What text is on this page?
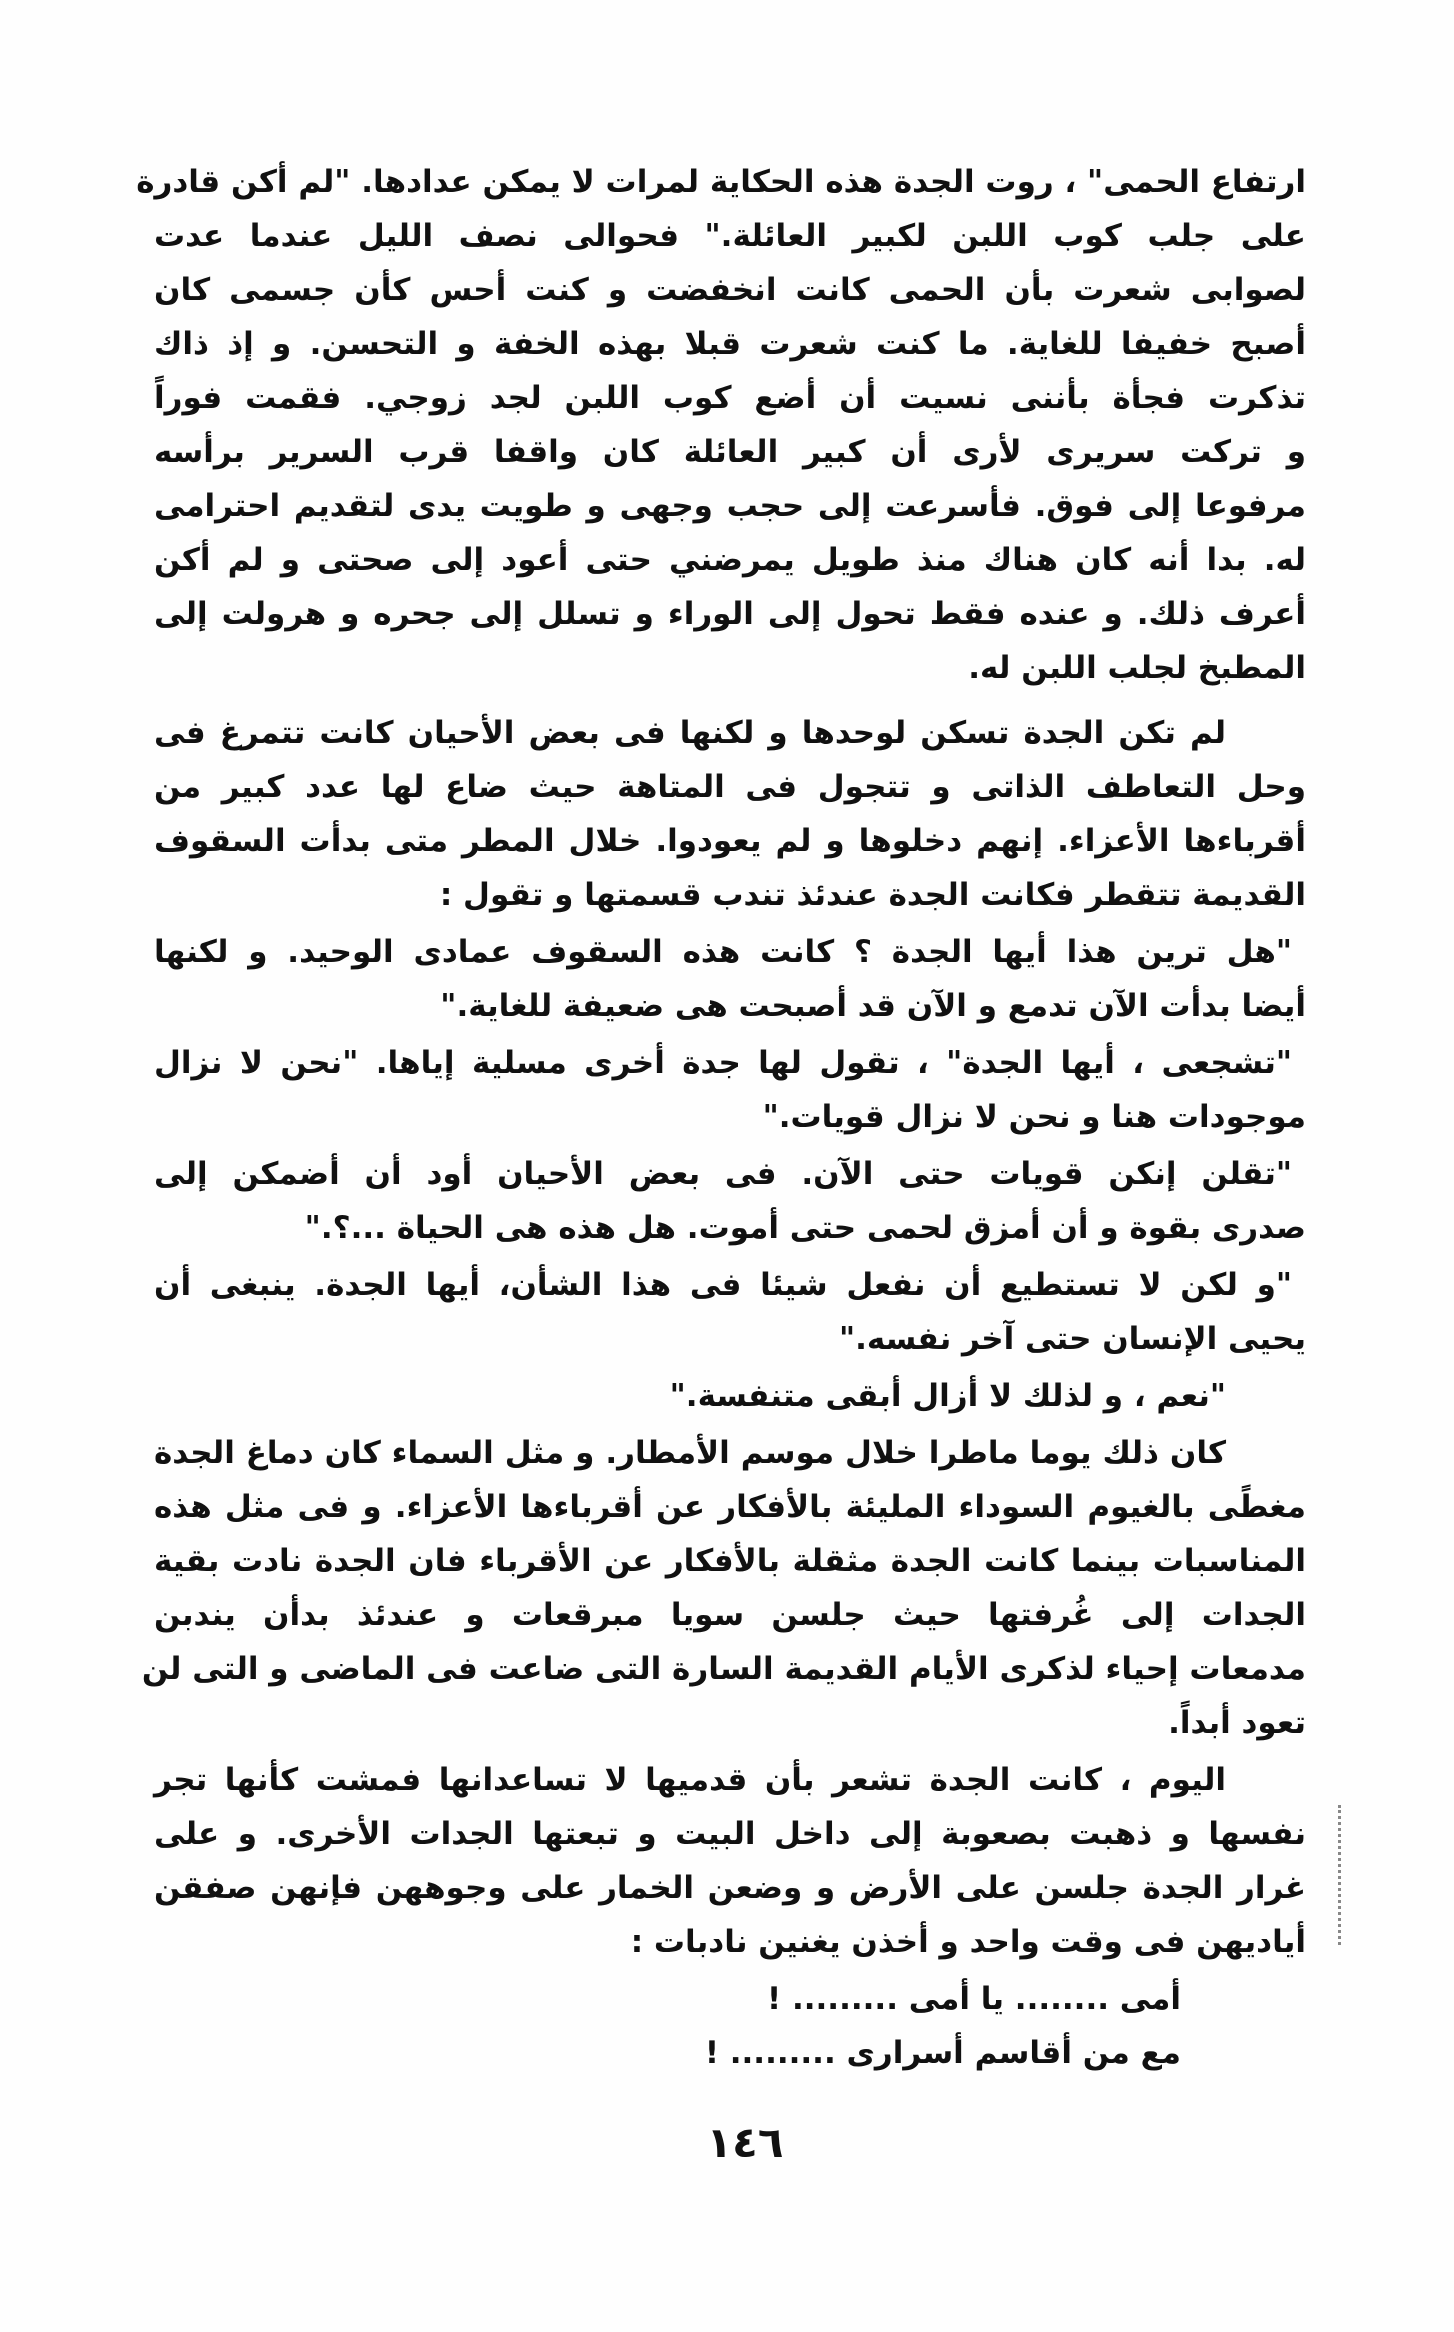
ارتفاع الحمى" ، روت الجدة هذه الحكاية لمرات لا يمكن عدادها. "لم أكن قادرة
على جلب كوب اللبن لكبير العائلة." فحوالى نصف الليل عندما عدت
لصوابى شعرت بأن الحمى كانت انخفضت و كنت أحس كأن جسمى كان
أصبح خفيفا للغاية. ما كنت شعرت قبلا بهذه الخفة و التحسن. و إذ ذاك
تذكرت فجأة بأننى نسيت أن أضع كوب اللبن لجد زوجي. فقمت فوراً
و تركت سريرى لأرى أن كبير العائلة كان واقفا قرب السرير برأسه
مرفوعا إلى فوق. فأسرعت إلى حجب وجهى و طويت يدى لتقديم احترامى
له. بدا أنه كان هناك منذ طويل يمرضني حتى أعود إلى صحتى و لم أكن
أعرف ذلك. و عنده فقط تحول إلى الوراء و تسلل إلى جحره و هرولت إلى
المطبخ لجلب اللبن له.
لم تكن الجدة تسكن لوحدها و لكنها فى بعض الأحيان كانت تتمرغ فى
وحل التعاطف الذاتى و تتجول فى المتاهة حيث ضاع لها عدد كبير من
أقرباءها الأعزاء. إنهم دخلوها و لم يعودوا. خلال المطر متى بدأت السقوف
القديمة تتقطر فكانت الجدة عندئذ تندب قسمتها و تقول :
"هل ترين هذا أيها الجدة ؟ كانت هذه السقوف عمادى الوحيد. و لكنها
أيضا بدأت الآن تدمع و الآن قد أصبحت هى ضعيفة للغاية."
"تشجعى ، أيها الجدة" ، تقول لها جدة أخرى مسلية إياها. "نحن لا نزال
موجودات هنا و نحن لا نزال قويات."
"تقلن إنكن قويات حتى الآن. فى بعض الأحيان أود أن أضمكن إلى
صدرى بقوة و أن أمزق لحمى حتى أموت. هل هذه هى الحياة ...؟."
"و لكن لا تستطيع أن نفعل شيئا فى هذا الشأن، أيها الجدة. ينبغى أن
يحيى الإنسان حتى آخر نفسه."
"نعم ، و لذلك لا أزال أبقى متنفسة."
كان ذلك يوما ماطرا خلال موسم الأمطار. و مثل السماء كان دماغ الجدة
مغطًى بالغيوم السوداء المليئة بالأفكار عن أقرباءها الأعزاء. و فى مثل هذه
المناسبات بينما كانت الجدة مثقلة بالأفكار عن الأقرباء فان الجدة نادت بقية
الجدات إلى غُرفتها حيث جلسن سويا مبرقعات و عندئذ بدأن يندبن
مدمعات إحياء لذكرى الأيام القديمة السارة التى ضاعت فى الماضى و التى لن
تعود أبداً.
اليوم ، كانت الجدة تشعر بأن قدميها لا تساعدانها فمشت كأنها تجر
نفسها و ذهبت بصعوبة إلى داخل البيت و تبعتها الجدات الأخرى. و على
غرار الجدة جلسن على الأرض و وضعن الخمار على وجوههن فإنهن صفقن
أياديهن فى وقت واحد و أخذن يغنين نادبات :
أمى ........ يا أمى ......... !
مع من أقاسم أسرارى ......... !
١٤٦
